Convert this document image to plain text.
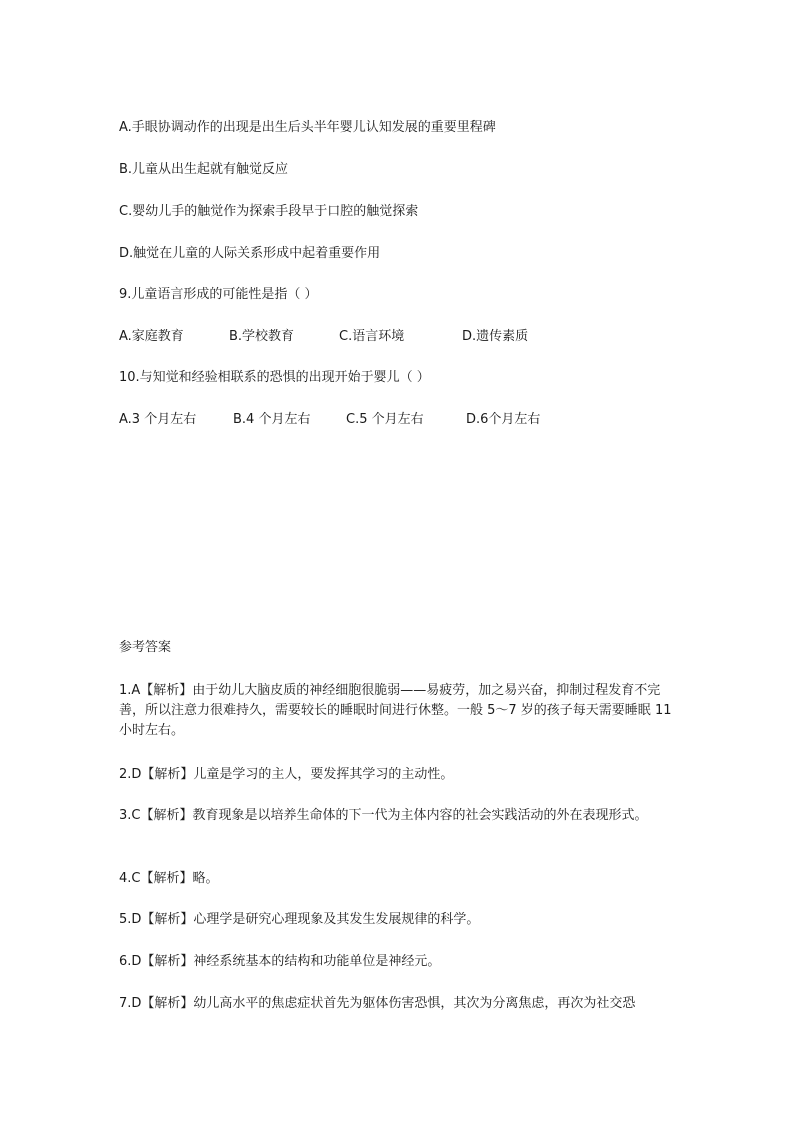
A.手眼协调动作的出现是出生后头半年婴儿认知发展的重要里程碑
B.儿童从出生起就有触觉反应
C.婴幼儿手的触觉作为探索手段早于口腔的触觉探索
D.触觉在儿童的人际关系形成中起着重要作用
9.儿童语言形成的可能性是指（ ）
A.家庭教育	B.学校教育	C.语言环境	D.遗传素质
10.与知觉和经验相联系的恐惧的出现开始于婴儿（ ）
A.3 个月左右	B.4 个月左右	C.5 个月左右	D.6个月左右
参考答案
1.A【解析】由于幼儿大脑皮质的神经细胞很脆弱——易疲劳，加之易兴奋，抑制过程发育不完善，所以注意力很难持久，需要较长的睡眠时间进行休整。一般 5～7 岁的孩子每天需要睡眠 11 小时左右。
2.D【解析】儿童是学习的主人，要发挥其学习的主动性。
3.C【解析】教育现象是以培养生命体的下一代为主体内容的社会实践活动的外在表现形式。
4.C【解析】略。
5.D【解析】心理学是研究心理现象及其发生发展规律的科学。
6.D【解析】神经系统基本的结构和功能单位是神经元。
7.D【解析】幼儿高水平的焦虑症状首先为躯体伤害恐惧，其次为分离焦虑，再次为社交恐
